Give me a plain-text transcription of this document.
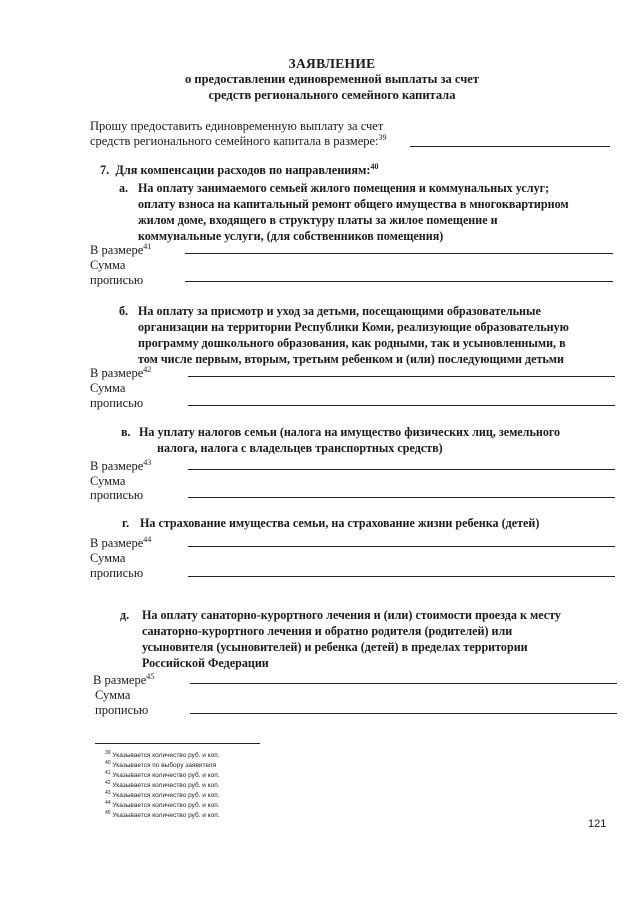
ЗАЯВЛЕНИЕ
о предоставлении единовременной выплаты за счет
средств регионального семейного капитала
Прошу предоставить единовременную выплату за счет
средств регионального семейного капитала в размере:$^{39}$
7. Для компенсации расходов по направлениям:$^{40}$
а. На оплату занимаемого семьей жилого помещения и коммунальных услуг;
оплату взноса на капитальный ремонт общего имущества в многоквартирном
жилом доме, входящего в структуру платы за жилое помещение и
коммунальные услуги, (для собственников помещения)
В размере$^{41}$
Сумма
прописью
б. На оплату за присмотр и уход за детьми, посещающими образовательные
организации на территории Республики Коми, реализующие образовательную
программу дошкольного образования, как родными, так и усыновленными, в
том числе первым, вторым, третьим ребенком и (или) последующими детьми
В размере$^{42}$
Сумма
прописью
в. На уплату налогов семьи (налога на имущество физических лиц, земельного
налога, налога с владельцев транспортных средств)
В размере$^{43}$
Сумма
прописью
г. На страхование имущества семьи, на страхование жизни ребенка (детей)
В размере$^{44}$
Сумма
прописью
д. На оплату санаторно-курортного лечения и (или) стоимости проезда к месту
санаторно-курортного лечения и обратно родителя (родителей) или
усыновителя (усыновителей) и ребенка (детей) в пределах территории
Российской Федерации
В размере$^{45}$
Сумма
прописью
$^{39}$ Указывается количество руб. и коп.
$^{40}$ Указывается по выбору заявителя
$^{41}$ Указывается количество руб. и коп.
$^{42}$ Указывается количество руб. и коп.
$^{43}$ Указывается количество руб. и коп.
$^{44}$ Указывается количество руб. и коп.
$^{45}$ Указывается количество руб. и коп.
121
